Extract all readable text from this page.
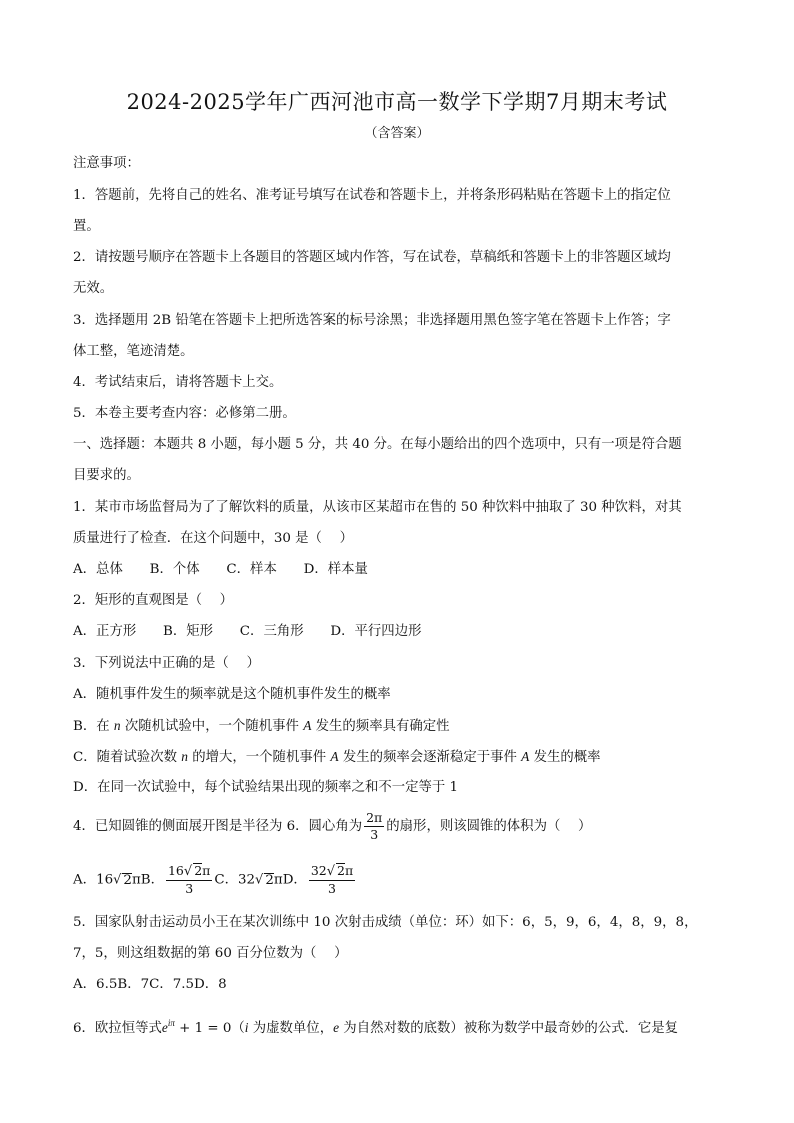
2024-2025学年广西河池市高一数学下学期7月期末考试
（含答案）
注意事项：
1．答题前，先将自己的姓名、准考证号填写在试卷和答题卡上，并将条形码粘贴在答题卡上的指定位
置。
2．请按题号顺序在答题卡上各题目的答题区域内作答，写在试卷，草稿纸和答题卡上的非答题区域均
无效。
3．选择题用 2B 铅笔在答题卡上把所选答案的标号涂黑；非选择题用黑色签字笔在答题卡上作答；字
体工整，笔迹清楚。
4．考试结束后，请将答题卡上交。
5．本卷主要考查内容：必修第二册。
一、选择题：本题共 8 小题，每小题 5 分，共 40 分。在每小题给出的四个选项中，只有一项是符合题
目要求的。
1．某市市场监督局为了了解饮料的质量，从该市区某超市在售的 50 种饮料中抽取了 30 种饮料，对其
质量进行了检查．在这个问题中，30 是（　 ）
A．总体　　B．个体　　C．样本　　D．样本量
2．矩形的直观图是（　 ）
A．正方形　　B．矩形　　C．三角形　　D．平行四边形
3．下列说法中正确的是（　 ）
A．随机事件发生的频率就是这个随机事件发生的概率
B．在 n 次随机试验中，一个随机事件 A 发生的频率具有确定性
C．随着试验次数 n 的增大，一个随机事件 A 发生的频率会逐渐稳定于事件 A 发生的概率
D．在同一次试验中，每个试验结果出现的频率之和不一定等于 1
4．已知圆锥的侧面展开图是半径为 6．圆心角为 $\frac{2\pi}{3}$ 的扇形，则该圆锥的体积为（　 ）
A．16√ 2πB． $\frac{16√ 2\pi}{3}$ C．32√ 2πD． $\frac{32√ 2\pi}{3}$
5．国家队射击运动员小王在某次训练中 10 次射击成绩（单位：环）如下：6，5，9，6，4，8，9，8，
7，5，则这组数据的第 60 百分位数为（　 ）
A．6.5B．7C．7.5D．8
6．欧拉恒等式$e^{i\pi} + 1 = 0(i$ 为虚数单位，e 为自然对数的底数）被称为数学中最奇妙的公式．它是复
